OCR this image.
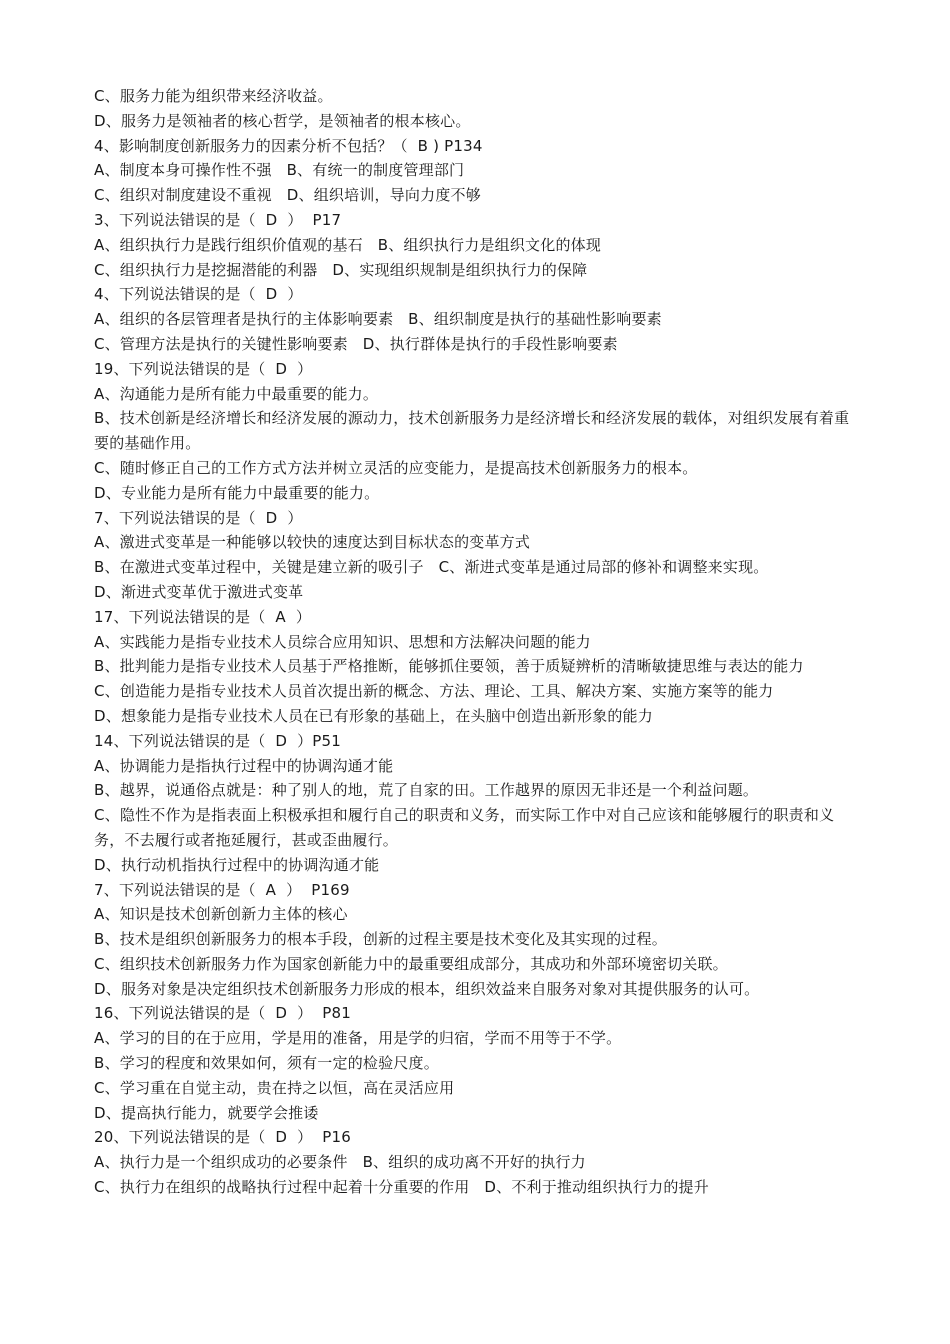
C、服务力能为组织带来经济收益。
D、服务力是领袖者的核心哲学，是领袖者的根本核心。
4、影响制度创新服务力的因素分析不包括？（  B ) P134
A、制度本身可操作性不强   B、有统一的制度管理部门
C、组织对制度建设不重视   D、组织培训，导向力度不够
3、下列说法错误的是（  D  ）  P17
A、组织执行力是践行组织价值观的基石   B、组织执行力是组织文化的体现
C、组织执行力是挖掘潜能的利器   D、实现组织规制是组织执行力的保障
4、下列说法错误的是（  D  ）
A、组织的各层管理者是执行的主体影响要素   B、组织制度是执行的基础性影响要素
C、管理方法是执行的关键性影响要素   D、执行群体是执行的手段性影响要素
19、下列说法错误的是（  D  ）
A、沟通能力是所有能力中最重要的能力。
B、技术创新是经济增长和经济发展的源动力，技术创新服务力是经济增长和经济发展的载体，对组织发展有着重要的基础作用。
C、随时修正自己的工作方式方法并树立灵活的应变能力，是提高技术创新服务力的根本。
D、专业能力是所有能力中最重要的能力。
7、下列说法错误的是（  D  ）
A、激进式变革是一种能够以较快的速度达到目标状态的变革方式
B、在激进式变革过程中，关键是建立新的吸引子   C、渐进式变革是通过局部的修补和调整来实现。
D、渐进式变革优于激进式变革
17、下列说法错误的是（  A  ）
A、实践能力是指专业技术人员综合应用知识、思想和方法解决问题的能力
B、批判能力是指专业技术人员基于严格推断，能够抓住要领，善于质疑辨析的清晰敏捷思维与表达的能力
C、创造能力是指专业技术人员首次提出新的概念、方法、理论、工具、解决方案、实施方案等的能力
D、想象能力是指专业技术人员在已有形象的基础上，在头脑中创造出新形象的能力
14、下列说法错误的是（  D  ）P51
A、协调能力是指执行过程中的协调沟通才能
B、越界，说通俗点就是：种了别人的地，荒了自家的田。工作越界的原因无非还是一个利益问题。
C、隐性不作为是指表面上积极承担和履行自己的职责和义务，而实际工作中对自己应该和能够履行的职责和义务，不去履行或者拖延履行，甚或歪曲履行。
D、执行动机指执行过程中的协调沟通才能
7、下列说法错误的是（  A  ）  P169
A、知识是技术创新创新力主体的核心
B、技术是组织创新服务力的根本手段，创新的过程主要是技术变化及其实现的过程。
C、组织技术创新服务力作为国家创新能力中的最重要组成部分，其成功和外部环境密切关联。
D、服务对象是决定组织技术创新服务力形成的根本，组织效益来自服务对象对其提供服务的认可。
16、下列说法错误的是（  D  ）  P81
A、学习的目的在于应用，学是用的准备，用是学的归宿，学而不用等于不学。
B、学习的程度和效果如何，须有一定的检验尺度。
C、学习重在自觉主动，贵在持之以恒，高在灵活应用
D、提高执行能力，就要学会推诿
20、下列说法错误的是（  D  ）  P16
A、执行力是一个组织成功的必要条件   B、组织的成功离不开好的执行力
C、执行力在组织的战略执行过程中起着十分重要的作用   D、不利于推动组织执行力的提升
